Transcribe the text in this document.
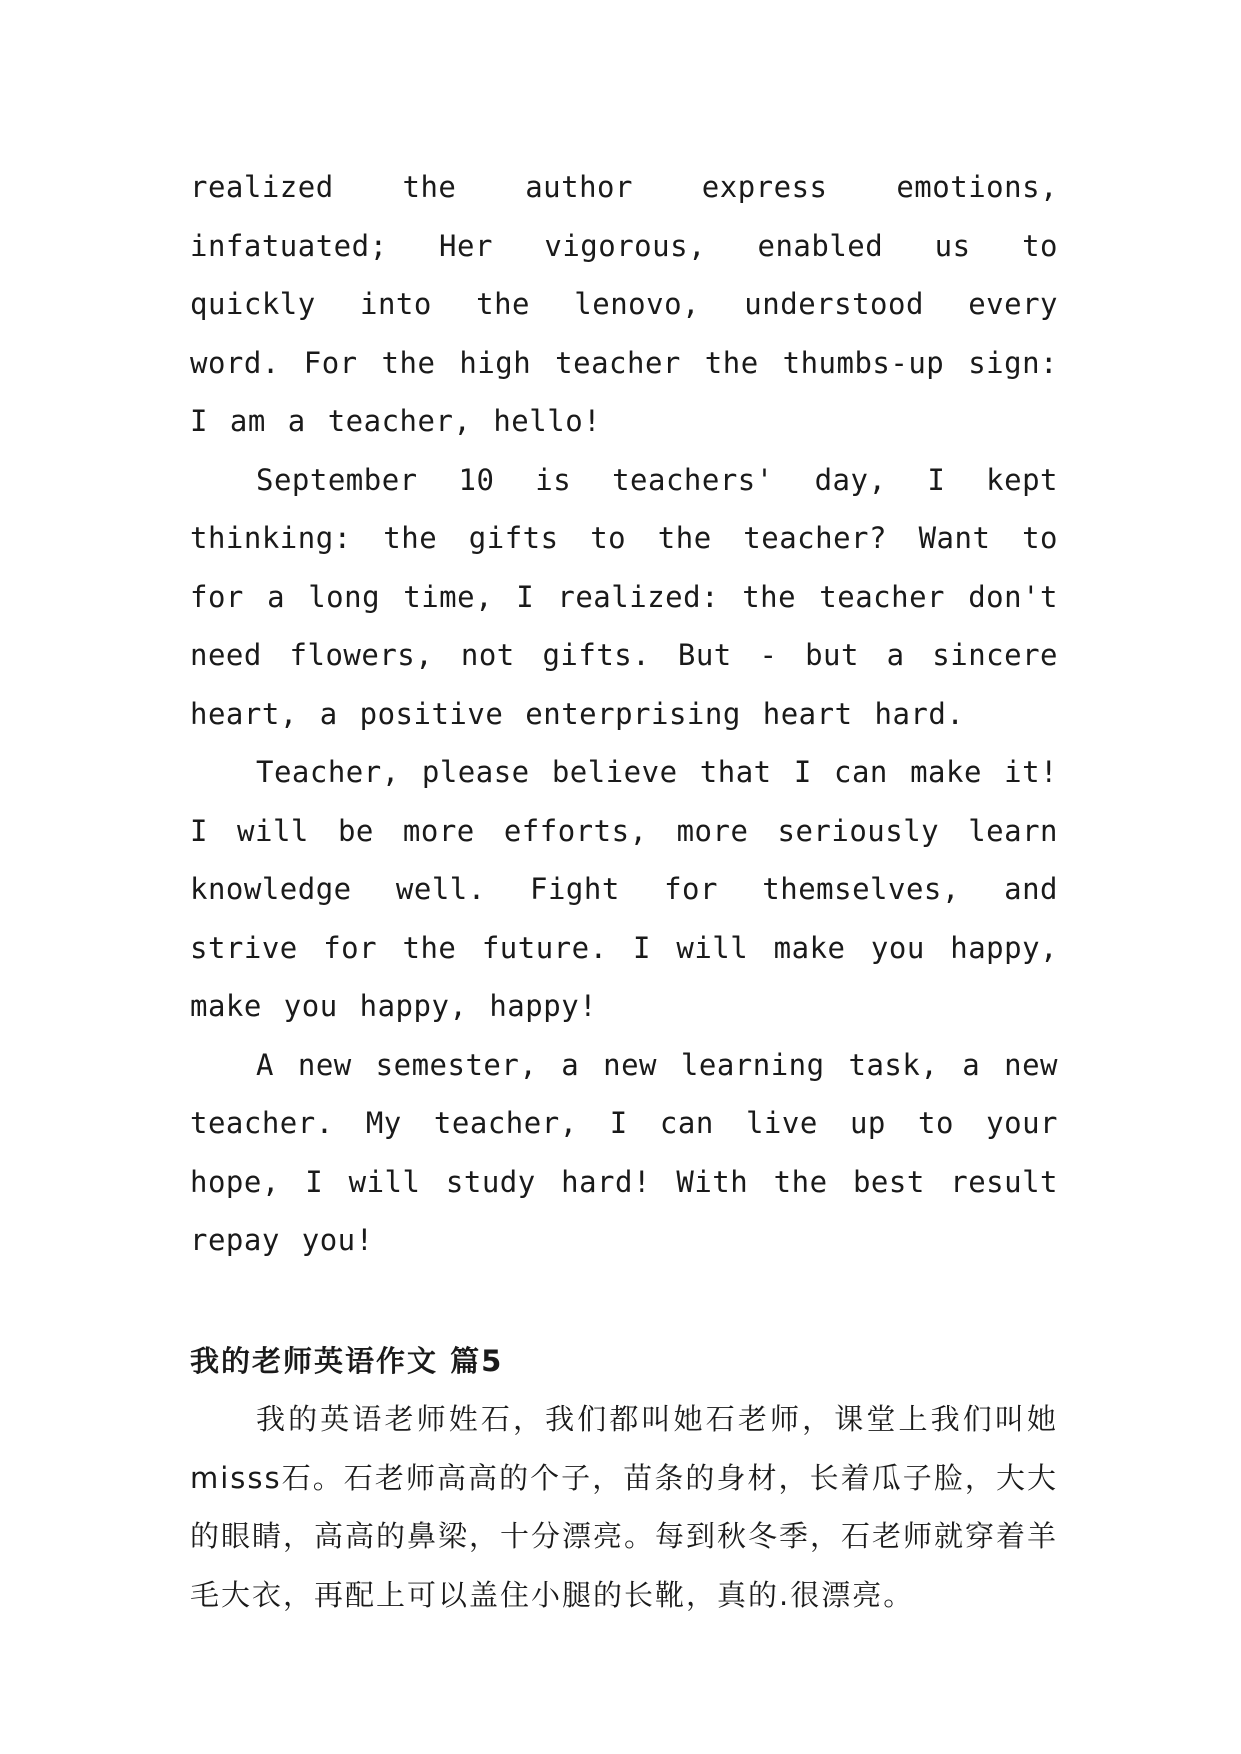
realized the author express emotions, infatuated; Her vigorous, enabled us to quickly into the lenovo, understood every word. For the high teacher the thumbs-up sign: I am a teacher, hello!

September 10 is teachers' day, I kept thinking: the gifts to the teacher? Want to for a long time, I realized: the teacher don't need flowers, not gifts. But - but a sincere heart, a positive enterprising heart hard.

Teacher, please believe that I can make it! I will be more efforts, more seriously learn knowledge well. Fight for themselves, and strive for the future. I will make you happy, make you happy, happy!

A new semester, a new learning task, a new teacher. My teacher, I can live up to your hope, I will study hard! With the best result repay you!

我的老师英语作文 篇5

我的英语老师姓石，我们都叫她石老师，课堂上我们叫她misss石。石老师高高的个子，苗条的身材，长着瓜子脸，大大的眼睛，高高的鼻梁，十分漂亮。每到秋冬季，石老师就穿着羊毛大衣，再配上可以盖住小腿的长靴，真的.很漂亮。
